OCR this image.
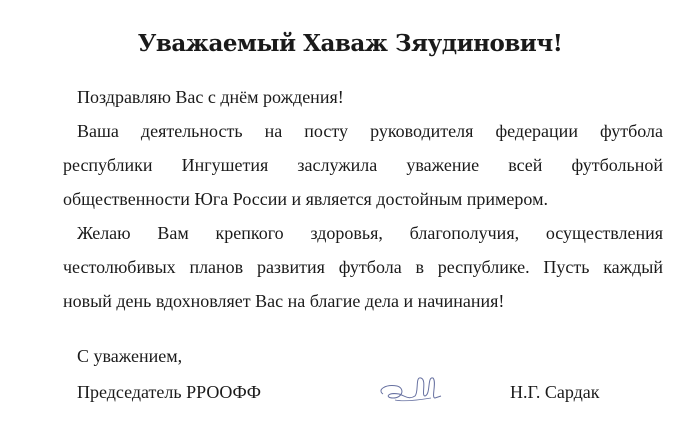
Уважаемый Хаваж Зяудинович!
Поздравляю Вас с днём рождения!
Ваша деятельность на посту руководителя федерации футбола
республики Ингушетия заслужила уважение всей футбольной
общественности Юга России и является достойным примером.
Желаю Вам крепкого здоровья, благополучия, осуществления
честолюбивых планов развития футбола в республике. Пусть каждый
новый день вдохновляет Вас на благие дела и начинания!
С уважением,
Председатель РРООФФ	Н.Г. Сардак
